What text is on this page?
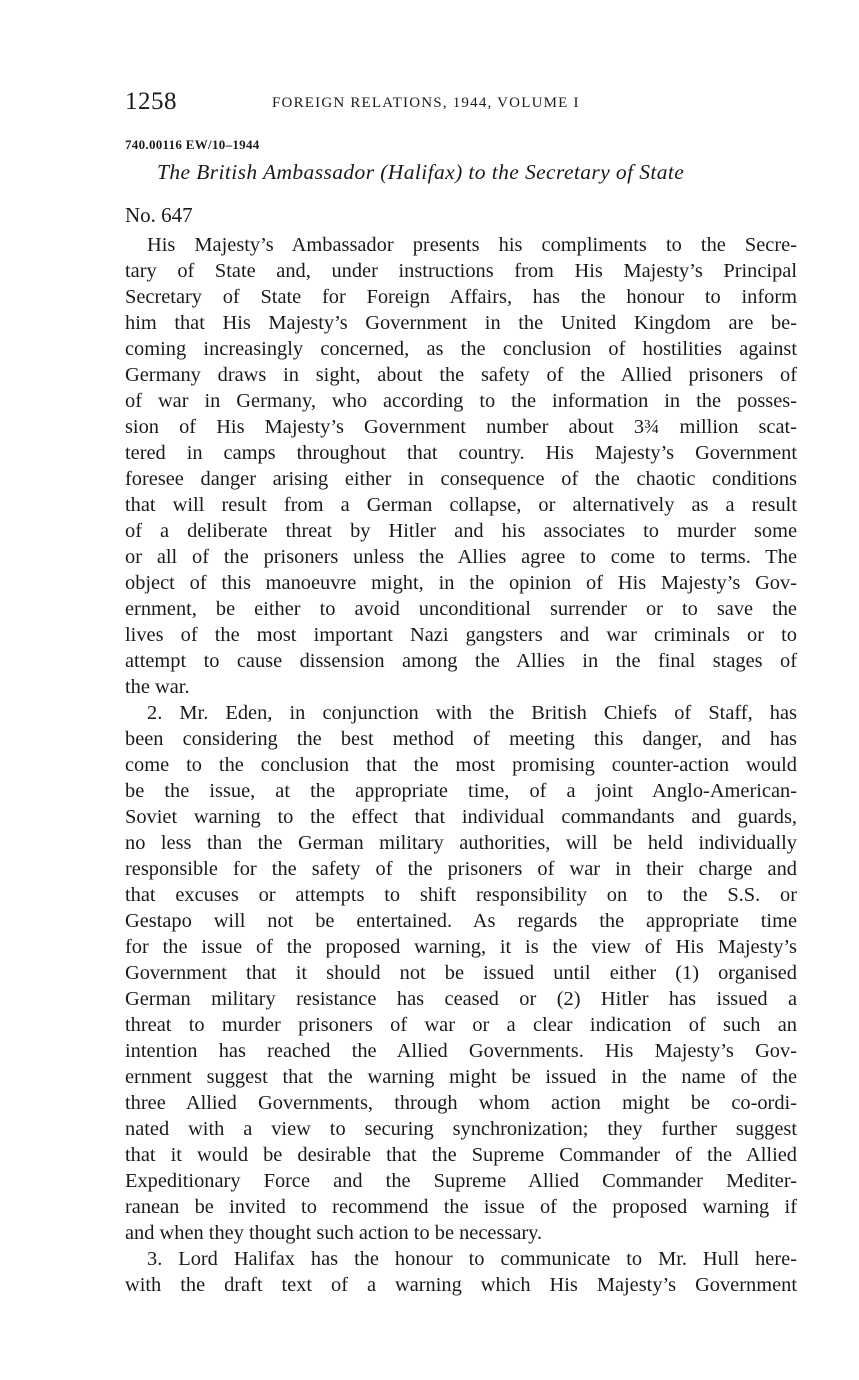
1258	FOREIGN RELATIONS, 1944, VOLUME I
740.00116 EW/10–1944
The British Ambassador (Halifax) to the Secretary of State
No. 647
His Majesty’s Ambassador presents his compliments to the Secre-
tary of State and, under instructions from His Majesty’s Principal
Secretary of State for Foreign Affairs, has the honour to inform
him that His Majesty’s Government in the United Kingdom are be-
coming increasingly concerned, as the conclusion of hostilities against
Germany draws in sight, about the safety of the Allied prisoners of
of war in Germany, who according to the information in the posses-
sion of His Majesty’s Government number about 3¾ million scat-
tered in camps throughout that country. His Majesty’s Government
foresee danger arising either in consequence of the chaotic conditions
that will result from a German collapse, or alternatively as a result
of a deliberate threat by Hitler and his associates to murder some
or all of the prisoners unless the Allies agree to come to terms. The
object of this manoeuvre might, in the opinion of His Majesty’s Gov-
ernment, be either to avoid unconditional surrender or to save the
lives of the most important Nazi gangsters and war criminals or to
attempt to cause dissension among the Allies in the final stages of
the war.
2. Mr. Eden, in conjunction with the British Chiefs of Staff, has
been considering the best method of meeting this danger, and has
come to the conclusion that the most promising counter-action would
be the issue, at the appropriate time, of a joint Anglo-American-
Soviet warning to the effect that individual commandants and guards,
no less than the German military authorities, will be held individually
responsible for the safety of the prisoners of war in their charge and
that excuses or attempts to shift responsibility on to the S.S. or
Gestapo will not be entertained. As regards the appropriate time
for the issue of the proposed warning, it is the view of His Majesty’s
Government that it should not be issued until either (1) organised
German military resistance has ceased or (2) Hitler has issued a
threat to murder prisoners of war or a clear indication of such an
intention has reached the Allied Governments. His Majesty’s Gov-
ernment suggest that the warning might be issued in the name of the
three Allied Governments, through whom action might be co-ordi-
nated with a view to securing synchronization; they further suggest
that it would be desirable that the Supreme Commander of the Allied
Expeditionary Force and the Supreme Allied Commander Mediter-
ranean be invited to recommend the issue of the proposed warning if
and when they thought such action to be necessary.
3. Lord Halifax has the honour to communicate to Mr. Hull here-
with the draft text of a warning which His Majesty’s Government
